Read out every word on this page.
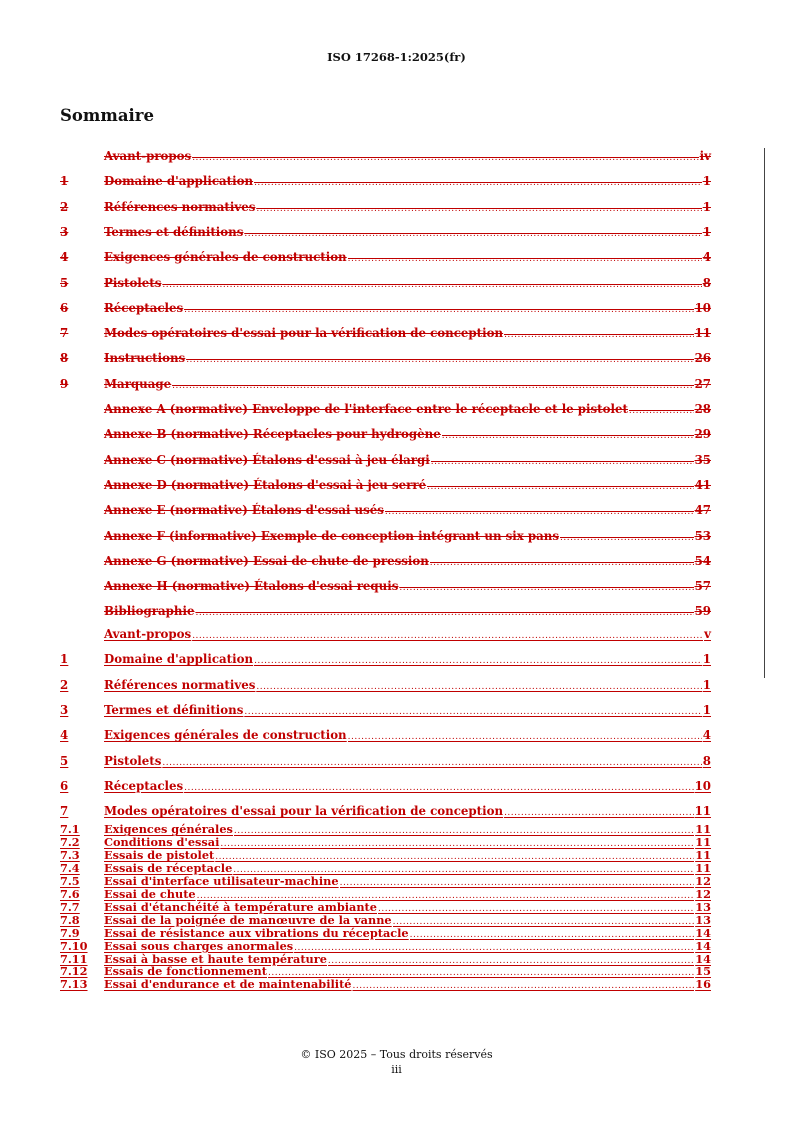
ISO 17268-1:2025(fr)
Sommaire
Avant-propos .....	iv
1	Domaine d'application .....	1
2	Références normatives .....	1
3	Termes et définitions .....	1
4	Exigences générales de construction .....	4
5	Pistolets .....	8
6	Réceptacles .....	10
7	Modes opératoires d'essai pour la vérification de conception .....	11
8	Instructions .....	26
9	Marquage .....	27
Annexe A (normative) Enveloppe de l'interface entre le réceptacle et le pistolet .....	28
Annexe B (normative) Réceptacles pour hydrogène .....	29
Annexe C (normative) Étalons d'essai à jeu élargi .....	35
Annexe D (normative) Étalons d'essai à jeu serré .....	41
Annexe E (normative) Étalons d'essai usés .....	47
Annexe F (informative) Exemple de conception intégrant un six pans .....	53
Annexe G (normative) Essai de chute de pression .....	54
Annexe H (normative) Étalons d'essai requis .....	57
Bibliographie .....	59
Avant-propos .....	v
1	Domaine d'application .....	1
2	Références normatives .....	1
3	Termes et définitions .....	1
4	Exigences générales de construction .....	4
5	Pistolets .....	8
6	Réceptacles .....	10
7	Modes opératoires d'essai pour la vérification de conception .....	11
7.1	Exigences générales .....	11
7.2	Conditions d'essai .....	11
7.3	Essais de pistolet .....	11
7.4	Essais de réceptacle .....	11
7.5	Essai d'interface utilisateur-machine .....	12
7.6	Essai de chute .....	12
7.7	Essai d'étanchéité à température ambiante .....	13
7.8	Essai de la poignée de manœuvre de la vanne .....	13
7.9	Essai de résistance aux vibrations du réceptacle .....	14
7.10	Essai sous charges anormales .....	14
7.11	Essai à basse et haute température .....	14
7.12	Essais de fonctionnement .....	15
7.13	Essai d'endurance et de maintenabilité .....	16
© ISO 2025 – Tous droits réservés
iii
